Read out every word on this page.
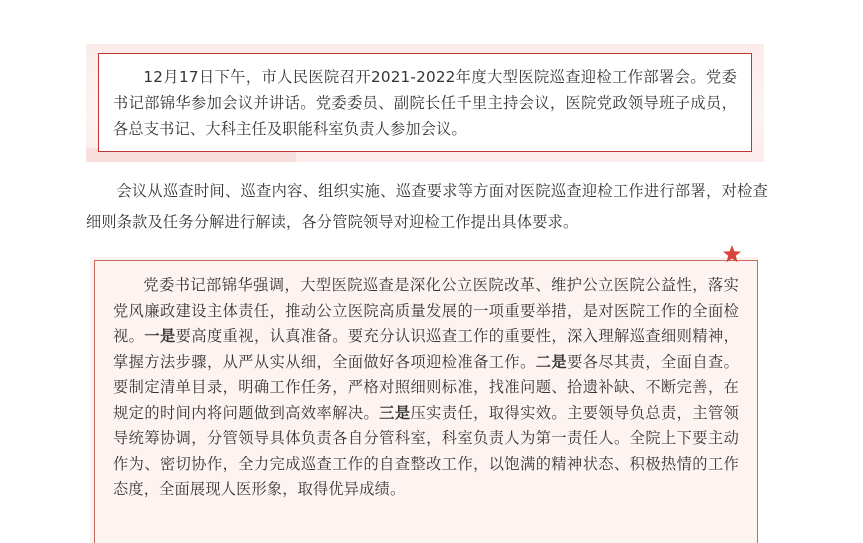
12月17日下午，市人民医院召开2021-2022年度大型医院巡查迎检工作部署会。党委书记部锦华参加会议并讲话。党委委员、副院长任千里主持会议，医院党政领导班子成员，各总支书记、大科主任及职能科室负责人参加会议。

会议从巡查时间、巡查内容、组织实施、巡查要求等方面对医院巡查迎检工作进行部署，对检查细则条款及任务分解进行解读，各分管院领导对迎检工作提出具体要求。

党委书记部锦华强调，大型医院巡查是深化公立医院改革、维护公立医院公益性，落实党风廉政建设主体责任，推动公立医院高质量发展的一项重要举措，是对医院工作的全面检视。一是要高度重视，认真准备。要充分认识巡查工作的重要性，深入理解巡查细则精神，掌握方法步骤，从严从实从细，全面做好各项迎检准备工作。二是要各尽其责，全面自查。要制定清单目录，明确工作任务，严格对照细则标准，找准问题、拾遗补缺、不断完善，在规定的时间内将问题做到高效率解决。三是压实责任，取得实效。主要领导负总责，主管领导统筹协调，分管领导具体负责各自分管科室，科室负责人为第一责任人。全院上下要主动作为、密切协作，全力完成巡查工作的自查整改工作，以饱满的精神状态、积极热情的工作态度，全面展现人医形象，取得优异成绩。
